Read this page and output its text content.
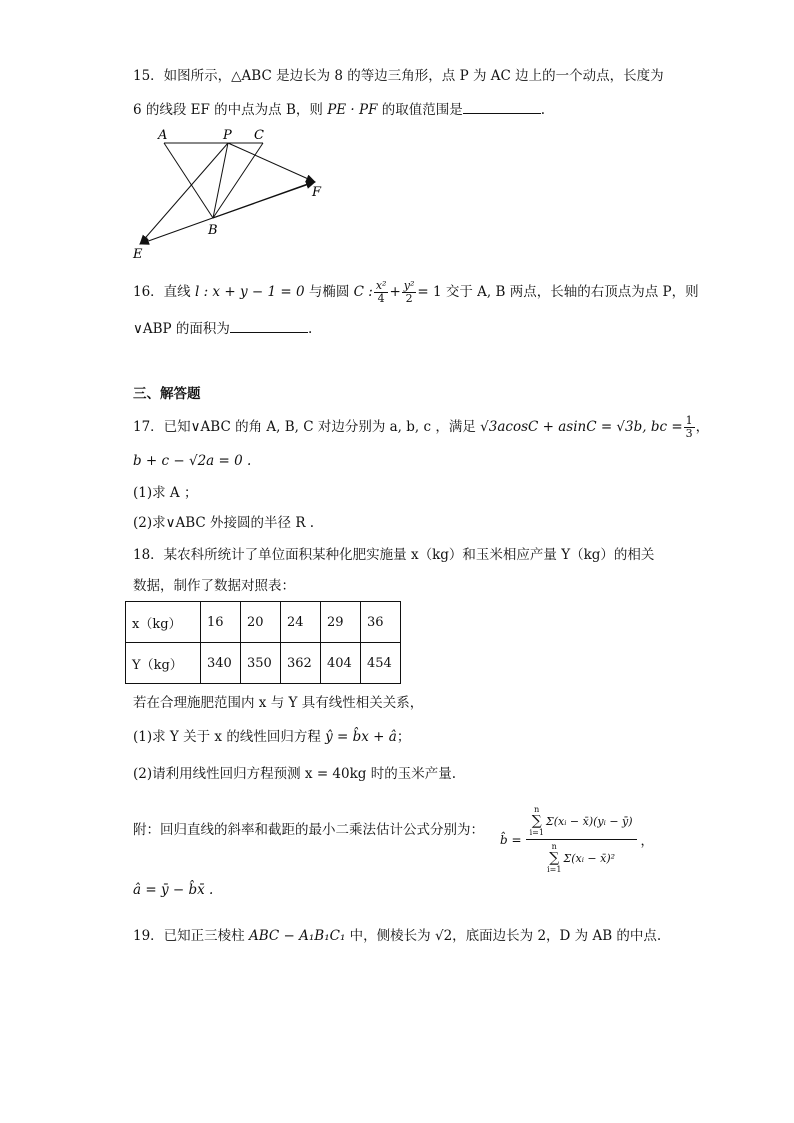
15．如图所示，△ABC 是边长为 8 的等边三角形，点 P 为 AC 边上的一个动点，长度为
6 的线段 EF 的中点为点 B，则 PE · PF 的取值范围是	.
A	P C
F
B
E
16．直线 l : x + y − 1 = 0 与椭圆 C : $\frac{\text{x²}}{4} + \frac{\text{y²}}{2} = 1$ 交于 A, B 两点，长轴的右顶点为点 P，则
∨ABP 的面积为	.
三、解答题
17．已知∨ABC 的角 A, B, C 对边分别为 a, b, c ，满足 √3acosC + asinC = √3b, bc = $\frac{1}{3}$ ，
b + c − √2a = 0 .
(1)求 A ；
(2)求∨ABC 外接圆的半径 R .
18．某农科所统计了单位面积某种化肥实施量 x（kg）和玉米相应产量 Y（kg）的相关
数据，制作了数据对照表：
x（kg）	16	20	24	29	36
Y（kg）	340	350	362	404	454
若在合理施肥范围内 x 与 Y 具有线性相关关系，
(1)求 Y 关于 x 的线性回归方程 ŷ = b̂x + â；
(2)请利用线性回归方程预测 x = 40kg 时的玉米产量.
附：回归直线的斜率和截距的最小二乘法估计公式分别为：
b̂ =
n
∑
i=1
Σ(xᵢ − x̄)(yᵢ − ȳ)
n
∑
i=1
Σ(xᵢ − x̄)²
，
â = ȳ − b̂x̄ .
19．已知正三棱柱 ABC − A₁B₁C₁ 中，侧棱长为 √2，底面边长为 2，D 为 AB 的中点.
